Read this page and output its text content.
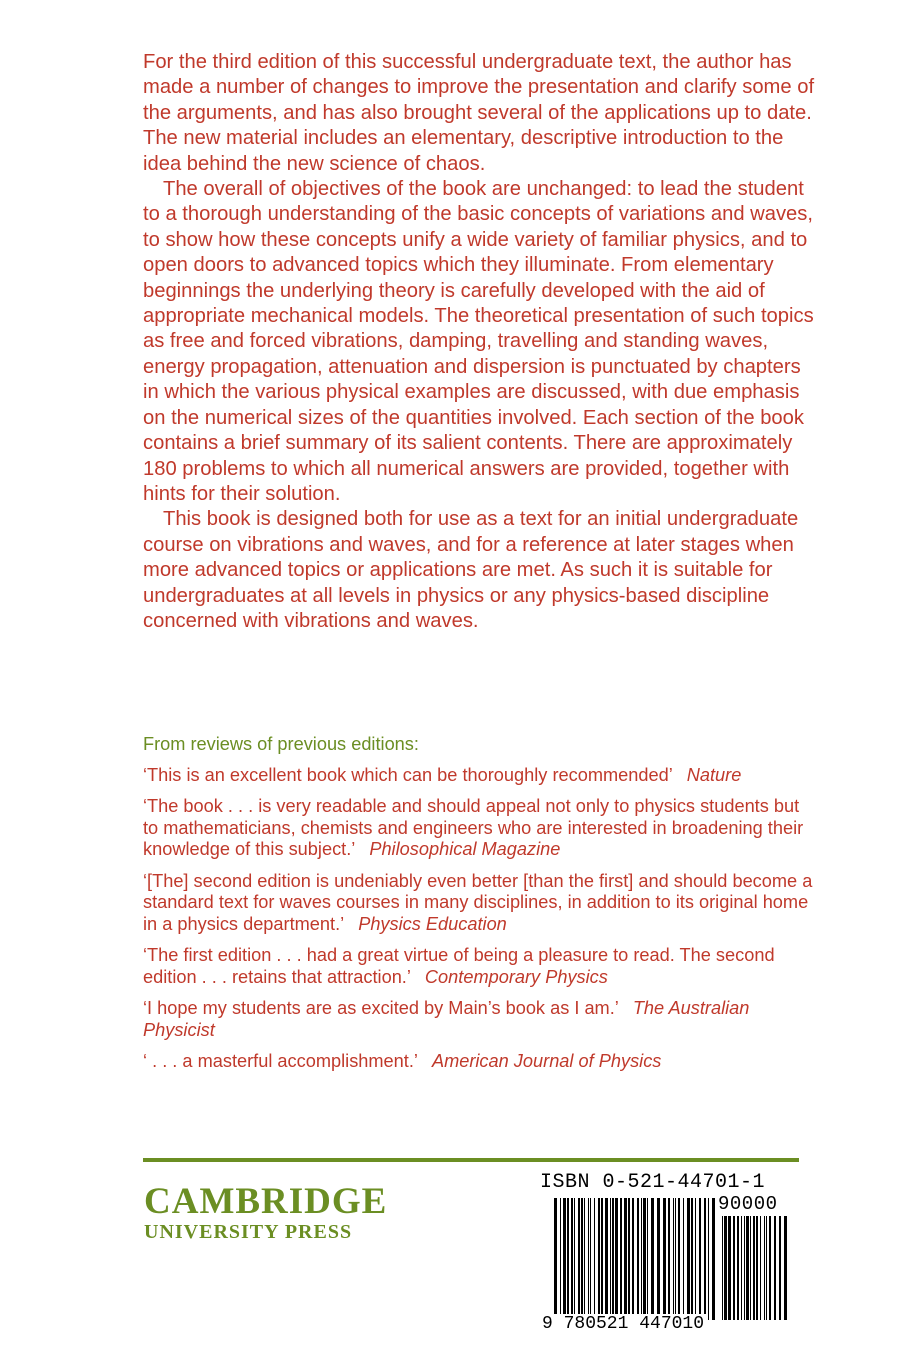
For the third edition of this successful undergraduate text, the author has made a number of changes to improve the presentation and clarify some of the arguments, and has also brought several of the applications up to date. The new material includes an elementary, descriptive introduction to the idea behind the new science of chaos.

The overall of objectives of the book are unchanged: to lead the student to a thorough understanding of the basic concepts of variations and waves, to show how these concepts unify a wide variety of familiar physics, and to open doors to advanced topics which they illuminate. From elementary beginnings the underlying theory is carefully developed with the aid of appropriate mechanical models. The theoretical presentation of such topics as free and forced vibrations, damping, travelling and standing waves, energy propagation, attenuation and dispersion is punctuated by chapters in which the various physical examples are discussed, with due emphasis on the numerical sizes of the quantities involved. Each section of the book contains a brief summary of its salient contents. There are approximately 180 problems to which all numerical answers are provided, together with hints for their solution.

This book is designed both for use as a text for an initial undergraduate course on vibrations and waves, and for a reference at later stages when more advanced topics or applications are met. As such it is suitable for undergraduates at all levels in physics or any physics-based discipline concerned with vibrations and waves.

From reviews of previous editions:
‘This is an excellent book which can be thoroughly recommended’ Nature
‘The book . . . is very readable and should appeal not only to physics students but to mathematicians, chemists and engineers who are interested in broadening their knowledge of this subject.’ Philosophical Magazine
‘[The] second edition is undeniably even better [than the first] and should become a standard text for waves courses in many disciplines, in addition to its original home in a physics department.’ Physics Education
‘The first edition . . . had a great virtue of being a pleasure to read. The second edition . . . retains that attraction.’ Contemporary Physics
‘I hope my students are as excited by Main’s book as I am.’ The Australian Physicist
‘ . . . a masterful accomplishment.’ American Journal of Physics
CAMBRIDGE
UNIVERSITY PRESS
ISBN 0-521-44701-1
90000
9 780521 447010
